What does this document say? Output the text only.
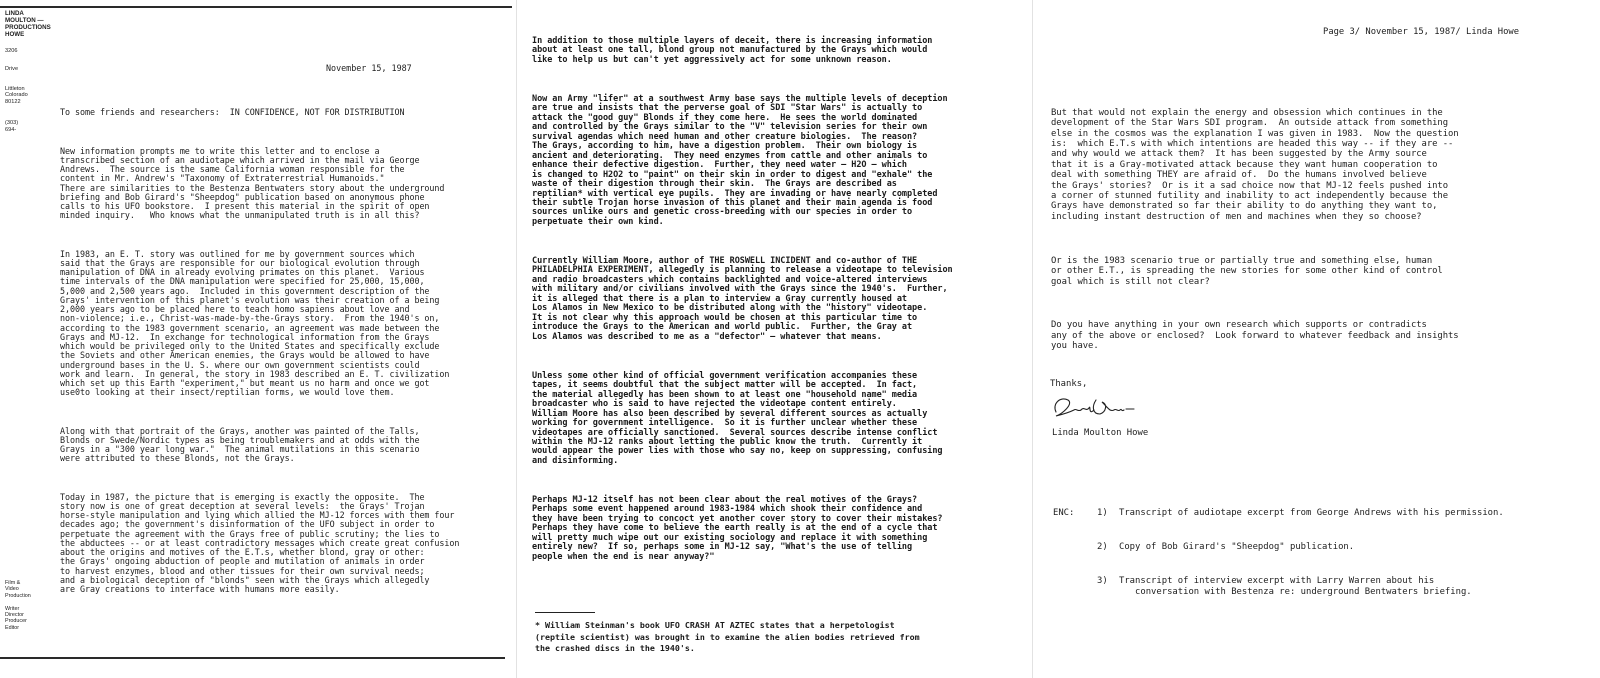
LINDA
MOULTON — PRODUCTIONS
HOWE
3206
Drive
Littleton
Colorado
80122
(303)
694-
Film &
Video
Production

Writer
Director
Producer
Editor
November 15, 1987
To some friends and researchers:  IN CONFIDENCE, NOT FOR DISTRIBUTION

New information prompts me to write this letter and to enclose a
transcribed section of an audiotape which arrived in the mail via George
Andrews.  The source is the same California woman responsible for the
content in Mr. Andrew's "Taxonomy of Extraterrestrial Humanoids."
There are similarities to the Bestenza Bentwaters story about the underground
briefing and Bob Girard's "Sheepdog" publication based on anonymous phone
calls to his UFO bookstore.  I present this material in the spirit of open
minded inquiry.   Who knows what the unmanipulated truth is in all this?

In 1983, an E. T. story was outlined for me by government sources which
said that the Grays are responsible for our biological evolution through
manipulation of DNA in already evolving primates on this planet.  Various
time intervals of the DNA manipulation were specified for 25,000, 15,000,
5,000 and 2,500 years ago.  Included in this government description of the
Grays' intervention of this planet's evolution was their creation of a being
2,000 years ago to be placed here to teach homo sapiens about love and
non-violence; i.e., Christ-was-made-by-the-Grays story.  From the 1940's on,
according to the 1983 government scenario, an agreement was made between the
Grays and MJ-12.  In exchange for technological information from the Grays
which would be privileged only to the United States and specifically exclude
the Soviets and other American enemies, the Grays would be allowed to have
underground bases in the U. S. where our own government scientists could
work and learn.  In general, the story in 1983 described an E. T. civilization
which set up this Earth "experiment," but meant us no harm and once we got
use0to looking at their insect/reptilian forms, we would love them.

Along with that portrait of the Grays, another was painted of the Talls,
Blonds or Swede/Nordic types as being troublemakers and at odds with the
Grays in a "300 year long war."  The animal mutilations in this scenario
were attributed to these Blonds, not the Grays.

Today in 1987, the picture that is emerging is exactly the opposite.  The
story now is one of great deception at several levels:  the Grays' Trojan
horse-style manipulation and lying which allied the MJ-12 forces with them four
decades ago; the government's disinformation of the UFO subject in order to
perpetuate the agreement with the Grays free of public scrutiny; the lies to
the abductees -- or at least contradictory messages which create great confusion
about the origins and motives of the E.T.s, whether blond, gray or other:
the Grays' ongoing abduction of people and mutilation of animals in order
to harvest enzymes, blood and other tissues for their own survival needs;
and a biological deception of "blonds" seen with the Grays which allegedly
are Gray creations to interface with humans more easily.

In addition to those multiple layers of deceit, there is increasing information
about at least one tall, blond group not manufactured by the Grays which would
like to help us but can't yet aggressively act for some unknown reason.

Now an Army "lifer" at a southwest Army base says the multiple levels of deception
are true and insists that the perverse goal of SDI "Star Wars" is actually to
attack the "good guy" Blonds if they come here.  He sees the world dominated
and controlled by the Grays similar to the "V" television series for their own
survival agendas which need human and other creature biologies.  The reason?
The Grays, according to him, have a digestion problem.  Their own biology is
ancient and deteriorating.  They need enzymes from cattle and other animals to
enhance their defective digestion.  Further, they need water — H2O — which
is changed to H2O2 to "paint" on their skin in order to digest and "exhale" the
waste of their digestion through their skin.  The Grays are described as
reptilian* with vertical eye pupils.  They are invading or have nearly completed
their subtle Trojan horse invasion of this planet and their main agenda is food
sources unlike ours and genetic cross-breeding with our species in order to
perpetuate their own kind.

Currently William Moore, author of THE ROSWELL INCIDENT and co-author of THE
PHILADELPHIA EXPERIMENT, allegedly is planning to release a videotape to television
and radio broadcasters which contains backlighted and voice-altered interviews
with military and/or civilians involved with the Grays since the 1940's.  Further,
it is alleged that there is a plan to interview a Gray currently housed at
Los Alamos in New Mexico to be distributed along with the "history" videotape.
It is not clear why this approach would be chosen at this particular time to
introduce the Grays to the American and world public.  Further, the Gray at
Los Alamos was described to me as a "defector" — whatever that means.

Unless some other kind of official government verification accompanies these
tapes, it seems doubtful that the subject matter will be accepted.  In fact,
the material allegedly has been shown to at least one "household name" media
broadcaster who is said to have rejected the videotape content entirely.
William Moore has also been described by several different sources as actually
working for government intelligence.  So it is further unclear whether these
videotapes are officially sanctioned.  Several sources describe intense conflict
within the MJ-12 ranks about letting the public know the truth.  Currently it
would appear the power lies with those who say no, keep on suppressing, confusing
and disinforming.

Perhaps MJ-12 itself has not been clear about the real motives of the Grays?
Perhaps some event happened around 1983-1984 which shook their confidence and
they have been trying to concoct yet another cover story to cover their mistakes?
Perhaps they have come to believe the earth really is at the end of a cycle that
will pretty much wipe out our existing sociology and replace it with something
entirely new?  If so, perhaps some in MJ-12 say, "What's the use of telling
people when the end is near anyway?"

* William Steinman's book UFO CRASH AT AZTEC states that a herpetologist
(reptile scientist) was brought in to examine the alien bodies retrieved from
the crashed discs in the 1940's.
Page 3/ November 15, 1987/ Linda Howe

But that would not explain the energy and obsession which continues in the
development of the Star Wars SDI program.  An outside attack from something
else in the cosmos was the explanation I was given in 1983.  Now the question
is:  which E.T.s with which intentions are headed this way -- if they are --
and why would we attack them?  It has been suggested by the Army source
that it is a Gray-motivated attack because they want human cooperation to
deal with something THEY are afraid of.  Do the humans involved believe
the Grays' stories?  Or is it a sad choice now that MJ-12 feels pushed into
a corner of stunned futility and inability to act independently because the
Grays have demonstrated so far their ability to do anything they want to,
including instant destruction of men and machines when they so choose?

Or is the 1983 scenario true or partially true and something else, human
or other E.T., is spreading the new stories for some other kind of control
goal which is still not clear?

Do you have anything in your own research which supports or contradicts
any of the above or enclosed?  Look forward to whatever feedback and insights
you have.

Thanks,
Linda Moulton Howe

ENC:	1)	Transcript of audiotape excerpt from George Andrews with his permission.

2)	Copy of Bob Girard's "Sheepdog" publication.

3)	Transcript of interview excerpt with Larry Warren about his
conversation with Bestenza re: underground Bentwaters briefing.
